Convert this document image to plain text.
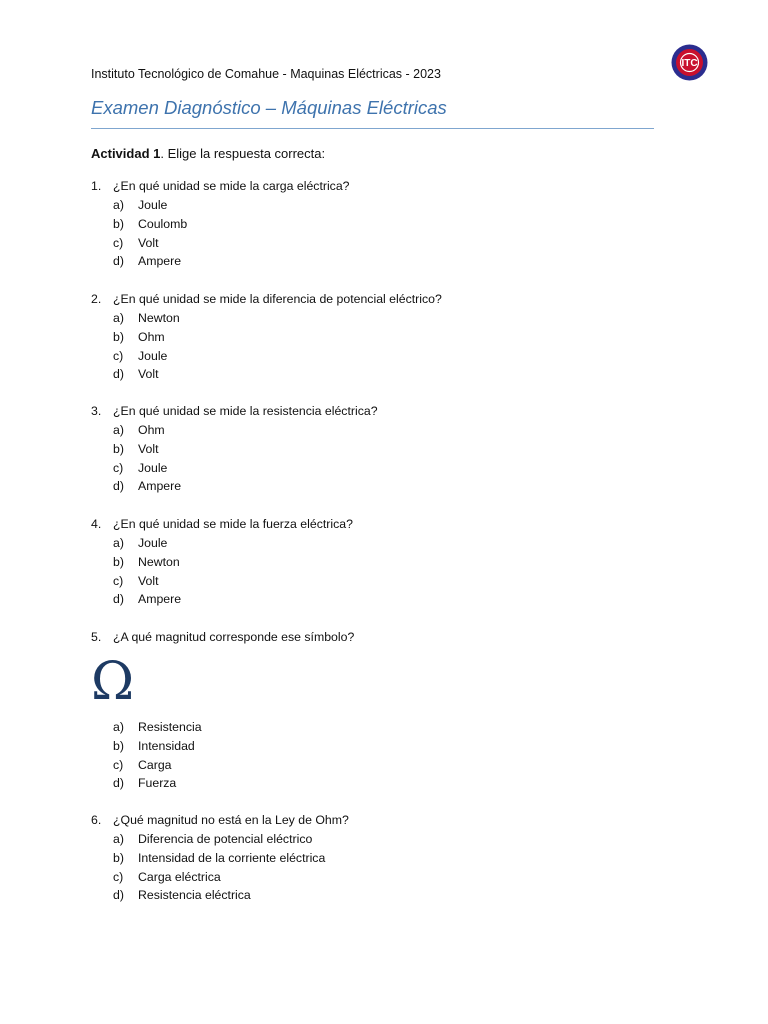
Instituto Tecnológico de Comahue - Maquinas Eléctricas - 2023
ITC
Examen Diagnóstico – Máquinas Eléctricas
Actividad 1. Elige la respuesta correcta:
1. ¿En qué unidad se mide la carga eléctrica?
a) Joule
b) Coulomb
c) Volt
d) Ampere
2. ¿En qué unidad se mide la diferencia de potencial eléctrico?
a) Newton
b) Ohm
c) Joule
d) Volt
3. ¿En qué unidad se mide la resistencia eléctrica?
a) Ohm
b) Volt
c) Joule
d) Ampere
4. ¿En qué unidad se mide la fuerza eléctrica?
a) Joule
b) Newton
c) Volt
d) Ampere
5. ¿A qué magnitud corresponde ese símbolo?
Ω
a) Resistencia
b) Intensidad
c) Carga
d) Fuerza
6. ¿Qué magnitud no está en la Ley de Ohm?
a) Diferencia de potencial eléctrico
b) Intensidad de la corriente eléctrica
c) Carga eléctrica
d) Resistencia eléctrica
